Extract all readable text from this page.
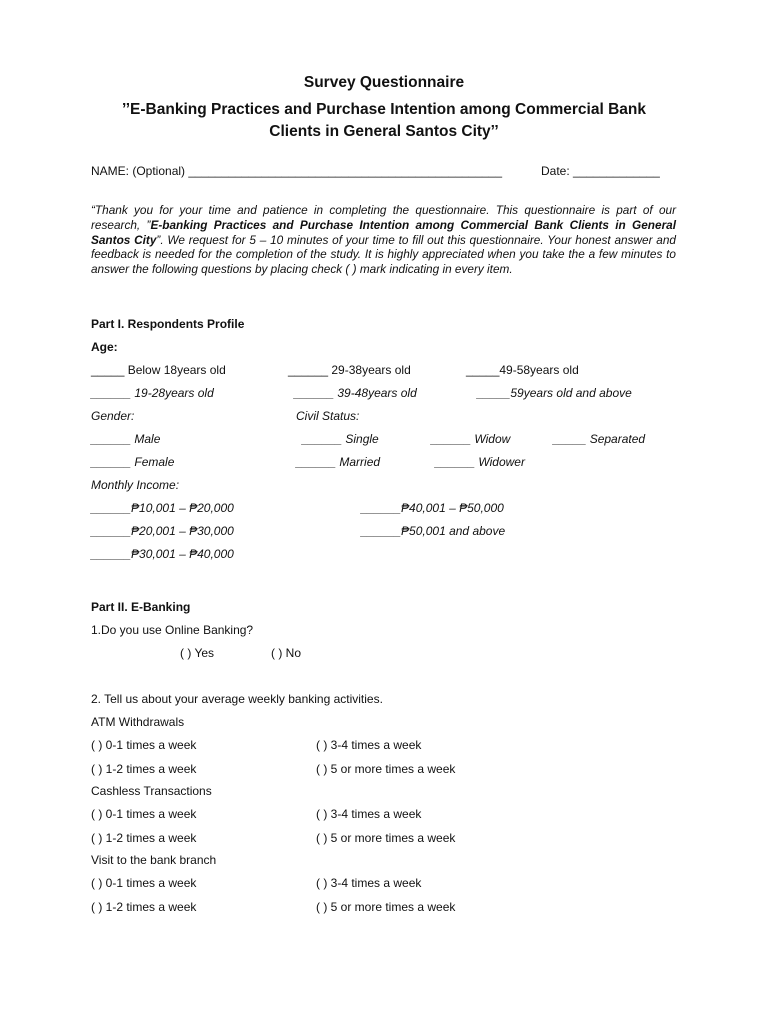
Survey Questionnaire
’’E-Banking Practices and Purchase Intention among Commercial Bank
Clients in General Santos City’’
NAME: (Optional) _______________________________________________	Date: _____________
“Thank you for your time and patience in completing the questionnaire. This questionnaire is part of our research, ”E-banking Practices and Purchase Intention among Commercial Bank Clients in General Santos City”. We request for 5 – 10 minutes of your time to fill out this questionnaire. Your honest answer and feedback is needed for the completion of the study. It is highly appreciated when you take the a few minutes to answer the following questions by placing check ( ) mark indicating in every item.
Part I. Respondents Profile
Age:
_____ Below 18years old	______ 29-38years old	_____49-58years old
______ 19-28years old	______ 39-48years old	_____59years old and above
Gender:	Civil Status:
______ Male	______ Single	______ Widow	_____ Separated
______ Female	______ Married	______ Widower
Monthly Income:
______₱10,001 – ₱20,000	______₱40,001 – ₱50,000
______₱20,001 – ₱30,000	______₱50,001 and above
______₱30,001 – ₱40,000
Part II. E-Banking
1.Do you use Online Banking?
( ) Yes	( ) No
2. Tell us about your average weekly banking activities.
ATM Withdrawals
( ) 0-1 times a week	( ) 3-4 times a week
( ) 1-2 times a week	( ) 5 or more times a week
Cashless Transactions
( ) 0-1 times a week	( ) 3-4 times a week
( ) 1-2 times a week	( ) 5 or more times a week
Visit to the bank branch
( ) 0-1 times a week	( ) 3-4 times a week
( ) 1-2 times a week	( ) 5 or more times a week
